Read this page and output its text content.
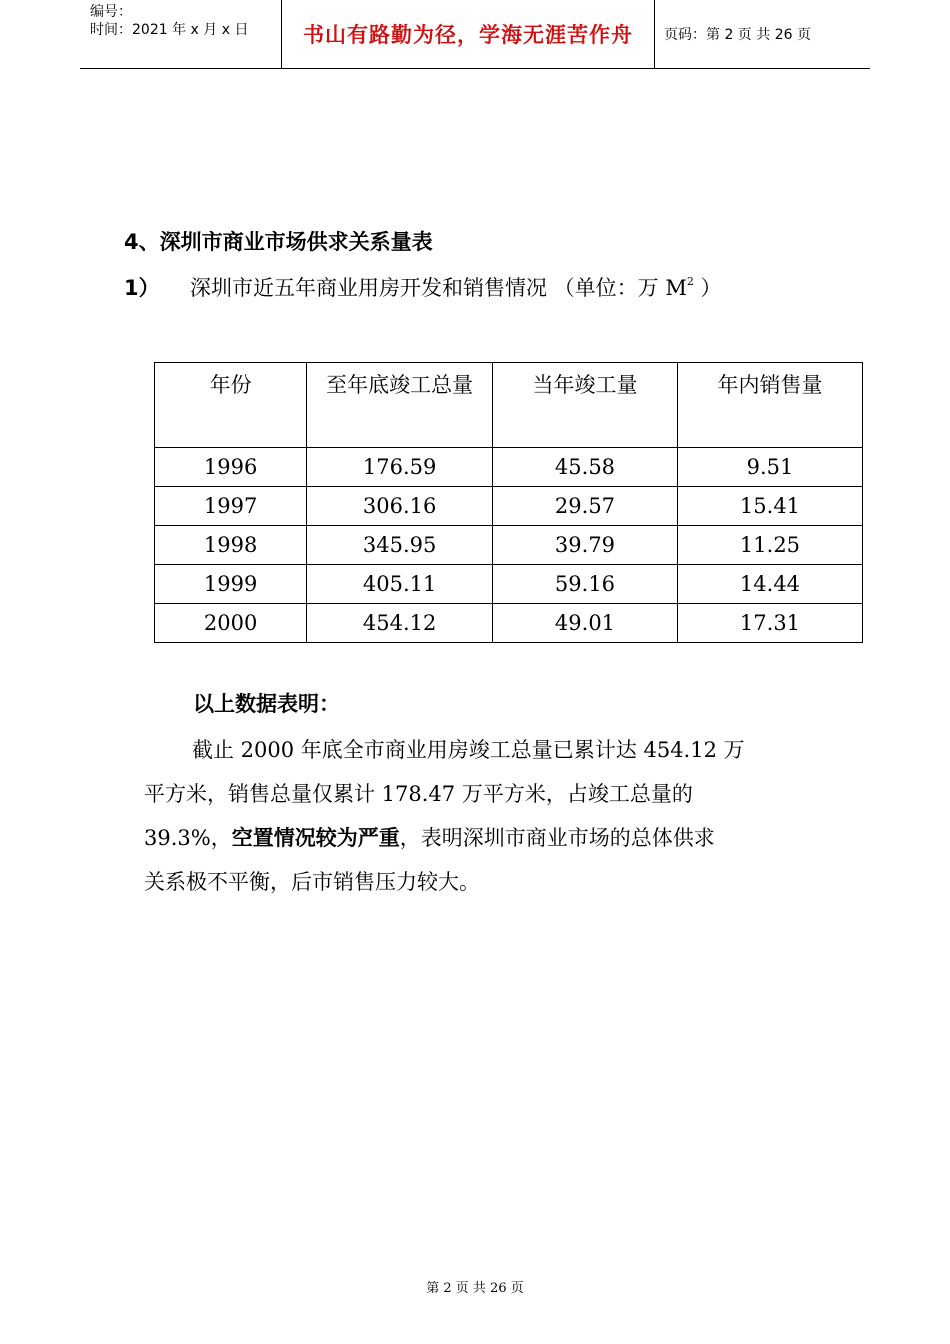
编号：
时间：2021 年 x 月 x 日	书山有路勤为径，学海无涯苦作舟	页码：第 2 页 共 26 页
4、深圳市商业市场供求关系量表
1） 深圳市近五年商业用房开发和销售情况 （单位：万 $M^2$ ）
年份	至年底竣工总量	当年竣工量	年内销售量
1996	176.59	45.58	9.51
1997	306.16	29.57	15.41
1998	345.95	39.79	11.25
1999	405.11	59.16	14.44
2000	454.12	49.01	17.31
以上数据表明：
截止 2000 年底全市商业用房竣工总量已累计达 454.12 万
平方米，销售总量仅累计 178.47 万平方米，占竣工总量的
39.3%，空置情况较为严重，表明深圳市商业市场的总体供求
关系极不平衡，后市销售压力较大。
第 2 页 共 26 页
